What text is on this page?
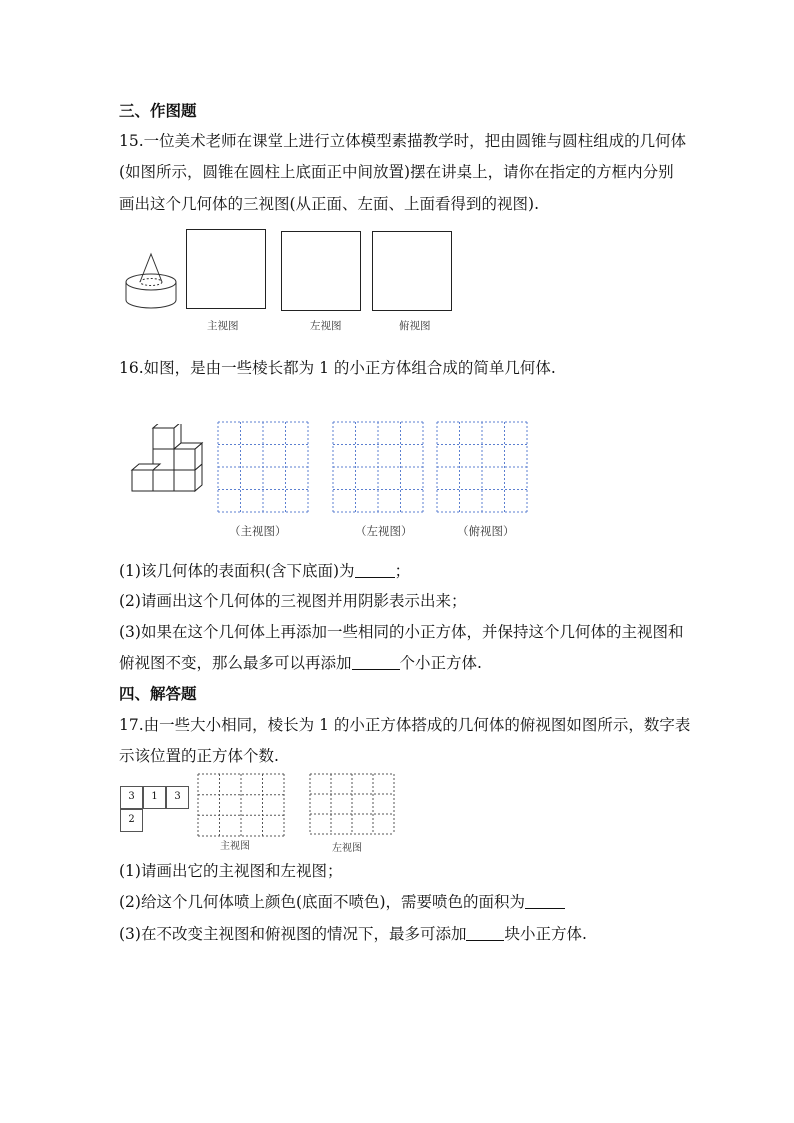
三、作图题
15.一位美术老师在课堂上进行立体模型素描教学时，把由圆锥与圆柱组成的几何体
(如图所示，圆锥在圆柱上底面正中间放置)摆在讲桌上，请你在指定的方框内分别
画出这个几何体的三视图(从正面、左面、上面看得到的视图).
主视图	左视图	俯视图
16.如图，是由一些棱长都为 1 的小正方体组合成的简单几何体.
（主视图）	（左视图）	（俯视图）
(1)该几何体的表面积(含下底面)为	；
(2)请画出这个几何体的三视图并用阴影表示出来；
(3)如果在这个几何体上再添加一些相同的小正方体，并保持这个几何体的主视图和
俯视图不变，那么最多可以再添加	个小正方体.
四、解答题
17.由一些大小相同，棱长为 1 的小正方体搭成的几何体的俯视图如图所示，数字表
示该位置的正方体个数.
3	1	3
2
主视图	左视图
(1)请画出它的主视图和左视图；
(2)给这个几何体喷上颜色(底面不喷色)，需要喷色的面积为
(3)在不改变主视图和俯视图的情况下，最多可添加 块小正方体.
